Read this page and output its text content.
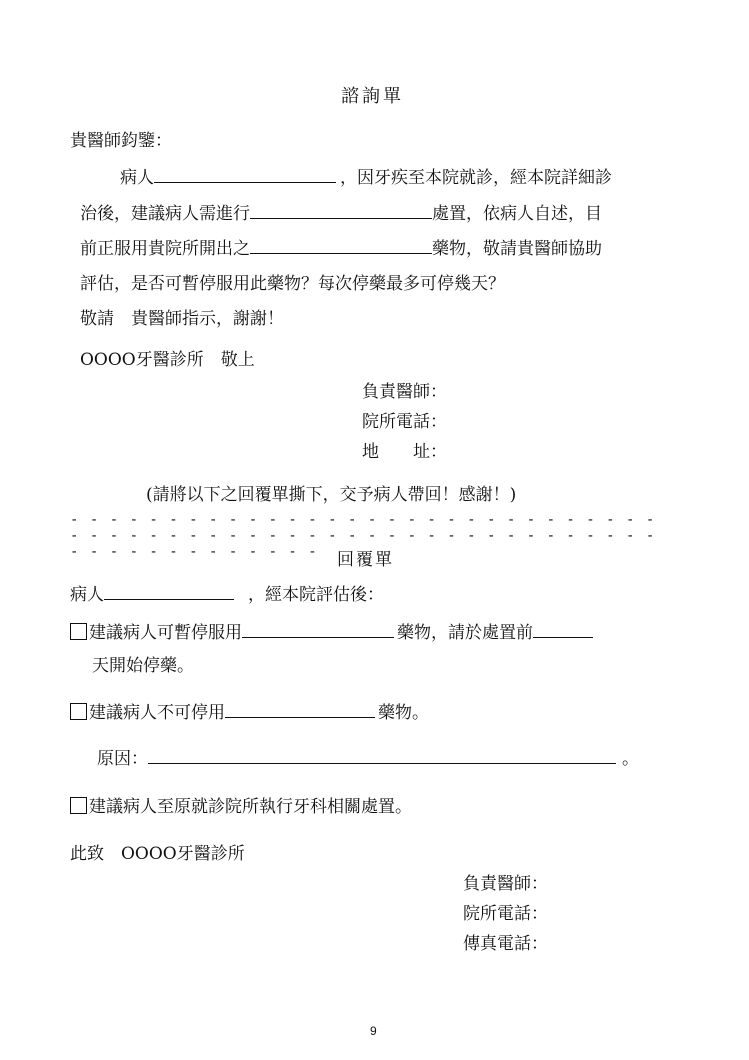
諮詢單
貴醫師鈞鑒：
病人	，因牙疾至本院就診，經本院詳細診
治後，建議病人需進行	處置，依病人自述，目
前正服用貴院所開出之	藥物，敬請貴醫師協助
評估，是否可暫停服用此藥物？每次停藥最多可停幾天？
敬請　貴醫師指示，謝謝！
OOOO牙醫診所　敬上
負責醫師：
院所電話：
地　　址：
(請將以下之回覆單撕下，交予病人帶回！感謝！)
- - - - - - - - - - - - - - - - - - - - - - - - - - - - - - - - - - - - - - - - - - - - - - - - - - - - - - - - - - - - - - - - - - - - - - - - -	回覆單
病人	，經本院評估後：
建議病人可暫停服用	藥物，請於處置前
天開始停藥。
建議病人不可停用	藥物。
原因：	。
建議病人至原就診院所執行牙科相關處置。
此致　OOOO牙醫診所
負責醫師：
院所電話：
傳真電話：
9
